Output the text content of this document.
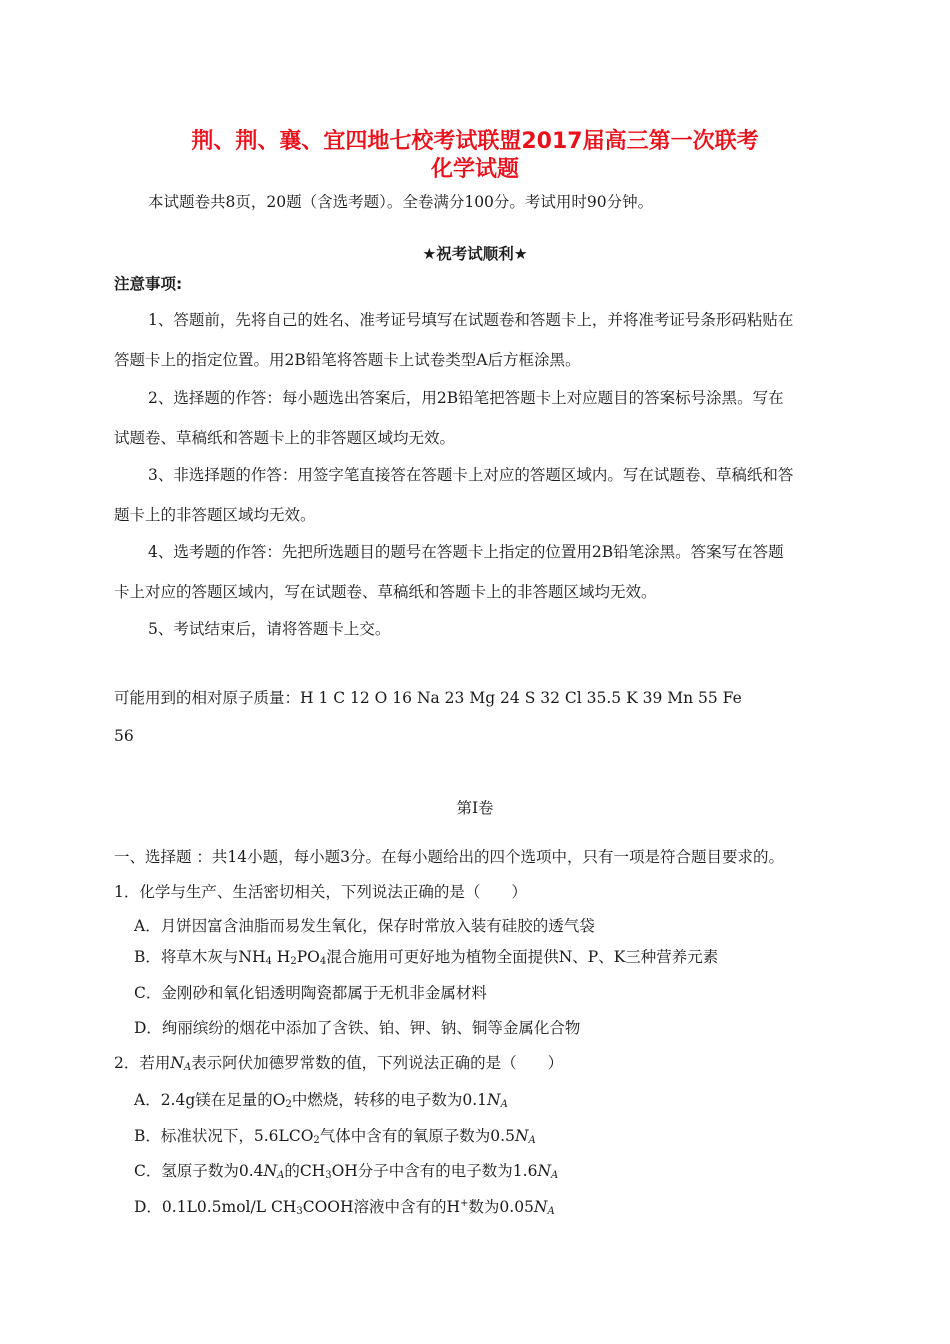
荆、荆、襄、宜四地七校考试联盟2017届高三第一次联考
化学试题
本试题卷共8页，20题（含选考题）。全卷满分100分。考试用时90分钟。
★祝考试顺利★
注意事项:
1、答题前，先将自己的姓名、准考证号填写在试题卷和答题卡上，并将准考证号条形码粘贴在
答题卡上的指定位置。用2B铅笔将答题卡上试卷类型A后方框涂黑。
2、选择题的作答：每小题选出答案后，用2B铅笔把答题卡上对应题目的答案标号涂黑。写在
试题卷、草稿纸和答题卡上的非答题区域均无效。
3、非选择题的作答：用签字笔直接答在答题卡上对应的答题区域内。写在试题卷、草稿纸和答
题卡上的非答题区域均无效。
4、选考题的作答：先把所选题目的题号在答题卡上指定的位置用2B铅笔涂黑。答案写在答题
卡上对应的答题区域内，写在试题卷、草稿纸和答题卡上的非答题区域均无效。
5、考试结束后，请将答题卡上交。
可能用到的相对原子质量：H 1 C 12 O 16 Na 23 Mg 24 S 32 Cl 35.5 K 39 Mn 55 Fe
56
第Ⅰ卷
一、选择题 ：共14小题，每小题3分。在每小题给出的四个选项中，只有一项是符合题目要求的。
1．化学与生产、生活密切相关，下列说法正确的是（　　）
A．月饼因富含油脂而易发生氧化，保存时常放入装有硅胶的透气袋
B．将草木灰与$NH_4$ $H_2PO_4$混合施用可更好地为植物全面提供N、P、K三种营养元素
C．金刚砂和氧化铝透明陶瓷都属于无机非金属材料
D．绚丽缤纷的烟花中添加了含铁、铂、钾、钠、铜等金属化合物
2．若用$N_A$表示阿伏加德罗常数的值，下列说法正确的是（　　）
A．2.4g镁在足量的$O_2$中燃烧，转移的电子数为$0.1N_A$
B．标准状况下，$5.6LCO_2$气体中含有的氧原子数为$0.5N_A$
C．氢原子数为$0.4N_A$的$CH_3OH$分子中含有的电子数为$1.6N_A$
D．0.1L0.5mol/L $CH_3COOH$溶液中含有的H+数为$0.05N_A$
